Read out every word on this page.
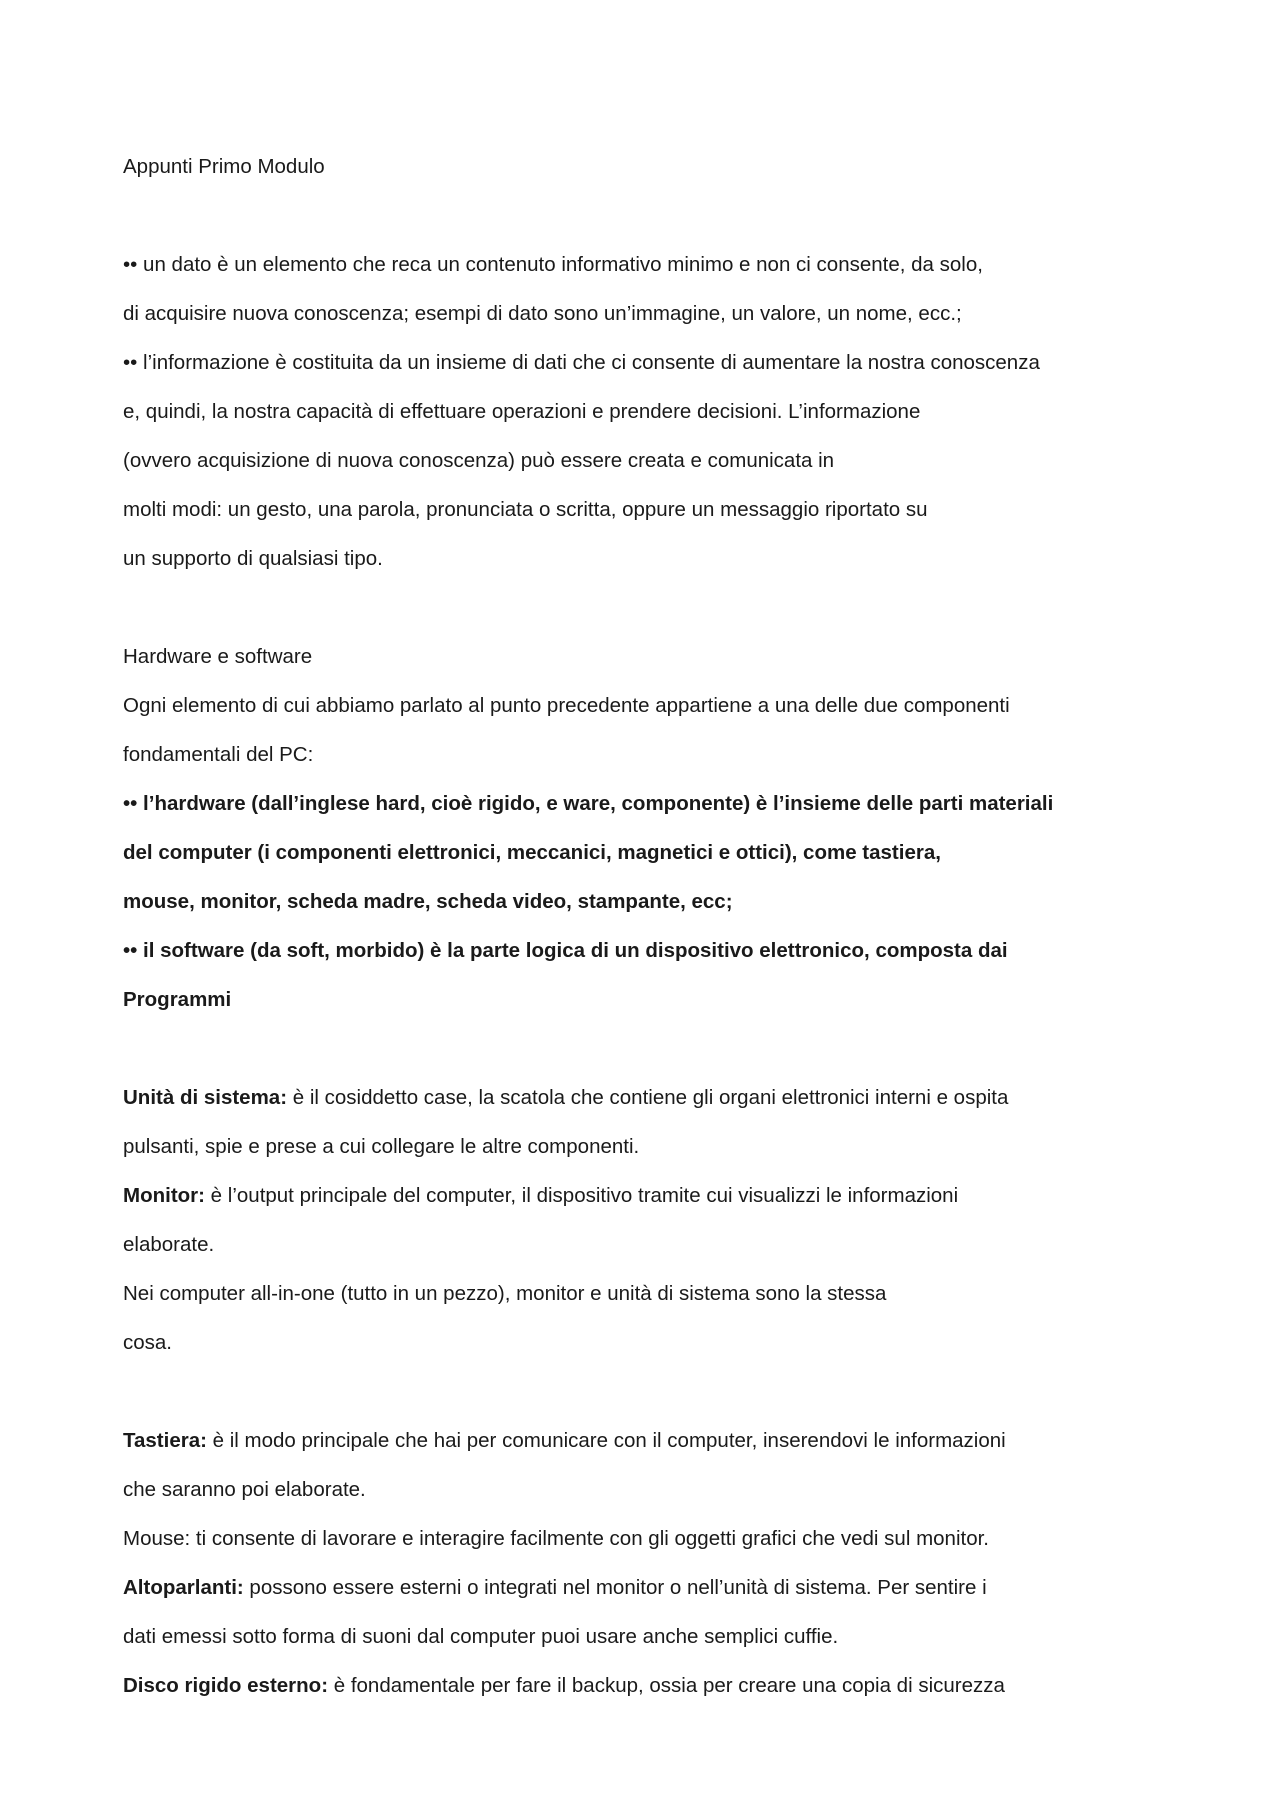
Appunti Primo Modulo
•• un dato è un elemento che reca un contenuto informativo minimo e non ci consente, da solo,
di acquisire nuova conoscenza; esempi di dato sono un’immagine, un valore, un nome, ecc.;
•• l’informazione è costituita da un insieme di dati che ci consente di aumentare la nostra conoscenza
e, quindi, la nostra capacità di effettuare operazioni e prendere decisioni. L’informazione
(ovvero acquisizione di nuova conoscenza) può essere creata e comunicata in
molti modi: un gesto, una parola, pronunciata o scritta, oppure un messaggio riportato su
un supporto di qualsiasi tipo.
Hardware e software
Ogni elemento di cui abbiamo parlato al punto precedente appartiene a una delle due componenti
fondamentali del PC:
•• l’hardware (dall’inglese hard, cioè rigido, e ware, componente) è l’insieme delle parti materiali
del computer (i componenti elettronici, meccanici, magnetici e ottici), come tastiera,
mouse, monitor, scheda madre, scheda video, stampante, ecc;
•• il software (da soft, morbido) è la parte logica di un dispositivo elettronico, composta dai
Programmi
Unità di sistema: è il cosiddetto case, la scatola che contiene gli organi elettronici interni e ospita
pulsanti, spie e prese a cui collegare le altre componenti.
Monitor: è l’output principale del computer, il dispositivo tramite cui visualizzi le informazioni
elaborate.
Nei computer all-in-one (tutto in un pezzo), monitor e unità di sistema sono la stessa
cosa.
Tastiera: è il modo principale che hai per comunicare con il computer, inserendovi le informazioni
che saranno poi elaborate.
Mouse: ti consente di lavorare e interagire facilmente con gli oggetti grafici che vedi sul monitor.
Altoparlanti: possono essere esterni o integrati nel monitor o nell’unità di sistema. Per sentire i
dati emessi sotto forma di suoni dal computer puoi usare anche semplici cuffie.
Disco rigido esterno: è fondamentale per fare il backup, ossia per creare una copia di sicurezza
